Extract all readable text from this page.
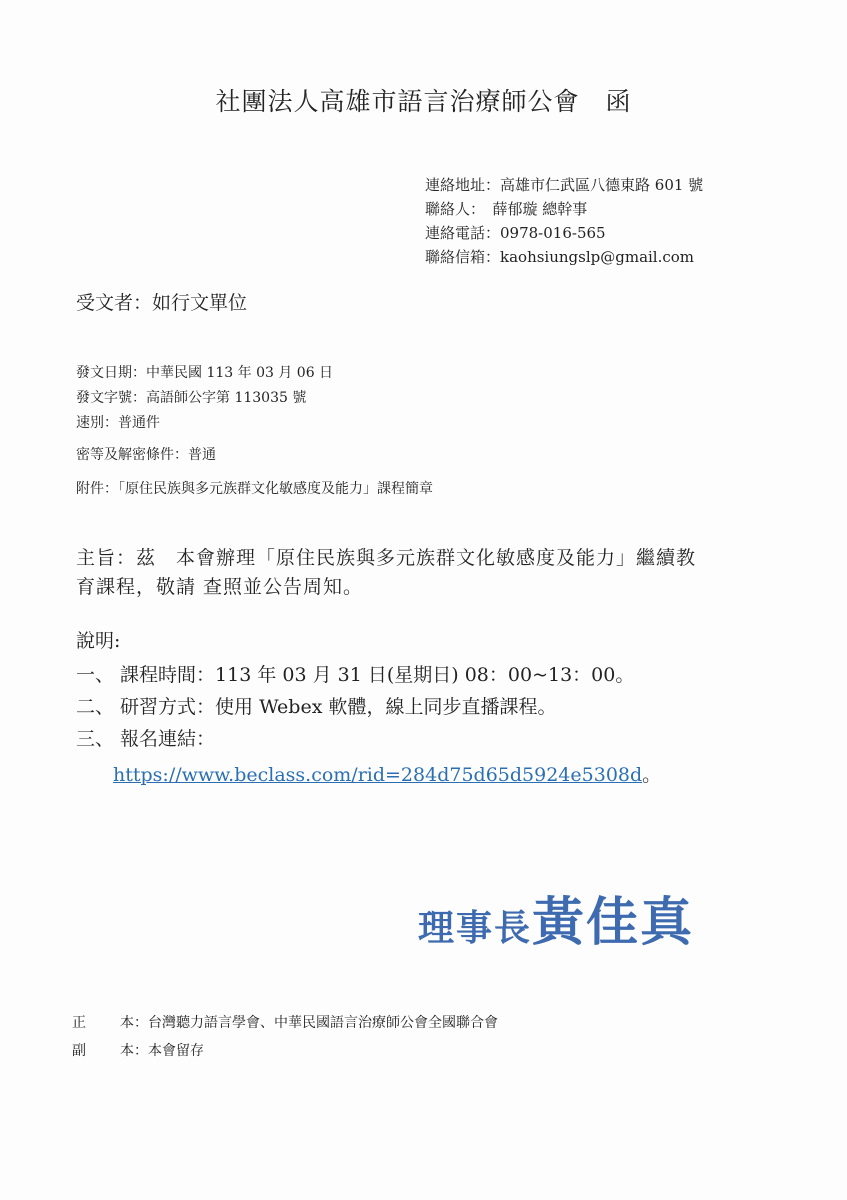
社團法人高雄市語言治療師公會　函
連絡地址：高雄市仁武區八德東路 601 號
聯絡人：　薛郁璇 總幹事
連絡電話：0978-016-565
聯絡信箱：kaohsiungslp@gmail.com
受文者：如行文單位
發文日期：中華民國 113 年 03 月 06 日
發文字號：高語師公字第 113035 號
速別：普通件
密等及解密條件：普通
附件：「原住民族與多元族群文化敏感度及能力」課程簡章
主旨：茲　本會辦理「原住民族與多元族群文化敏感度及能力」繼續教
育課程，敬請 查照並公告周知。
說明:
一、 課程時間：113 年 03 月 31 日(星期日) 08：00~13：00。
二、 研習方式：使用 Webex 軟體，線上同步直播課程。
三、 報名連結：
https://www.beclass.com/rid=284d75d65d5924e5308d。
理事長黃佳真
正 本：台灣聽力語言學會、中華民國語言治療師公會全國聯合會
副 本：本會留存
